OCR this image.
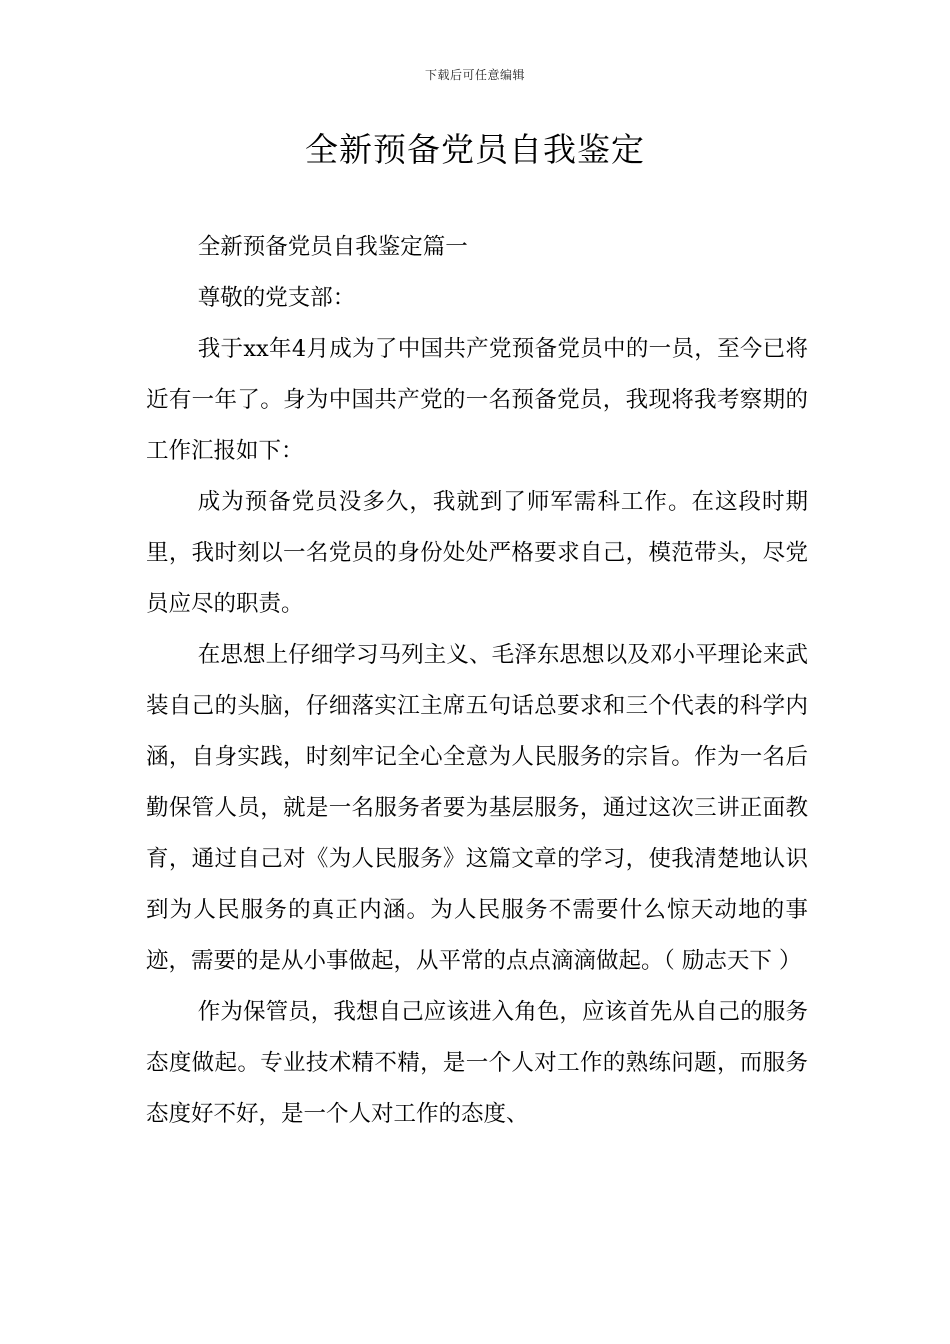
下载后可任意编辑
全新预备党员自我鉴定

全新预备党员自我鉴定篇一

尊敬的党支部：

我于xx年4月成为了中国共产党预备党员中的一员，至今已将近有一年了。身为中国共产党的一名预备党员，我现将我考察期的工作汇报如下：

成为预备党员没多久，我就到了师军需科工作。在这段时期里，我时刻以一名党员的身份处处严格要求自己，模范带头，尽党员应尽的职责。

在思想上仔细学习马列主义、毛泽东思想以及邓小平理论来武装自己的头脑，仔细落实江主席五句话总要求和三个代表的科学内涵，自身实践，时刻牢记全心全意为人民服务的宗旨。作为一名后勤保管人员，就是一名服务者要为基层服务，通过这次三讲正面教育，通过自己对《为人民服务》这篇文章的学习，使我清楚地认识到为人民服务的真正内涵。为人民服务不需要什么惊天动地的事迹，需要的是从小事做起，从平常的点点滴滴做起。（ 励志天下 ）

作为保管员，我想自己应该进入角色，应该首先从自己的服务态度做起。专业技术精不精，是一个人对工作的熟练问题，而服务态度好不好，是一个人对工作的态度、
